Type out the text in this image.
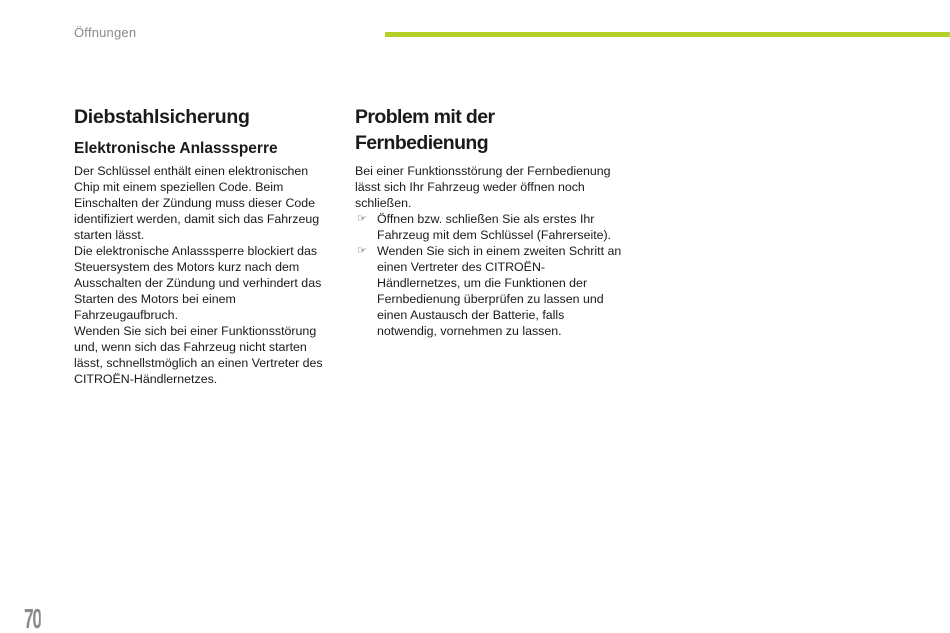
Öffnungen
Diebstahlsicherung
Elektronische Anlasssperre

Der Schlüssel enthält einen elektronischen Chip mit einem speziellen Code. Beim Einschalten der Zündung muss dieser Code identifiziert werden, damit sich das Fahrzeug starten lässt.

Die elektronische Anlasssperre blockiert das Steuersystem des Motors kurz nach dem Ausschalten der Zündung und verhindert das Starten des Motors bei einem Fahrzeugaufbruch.

Wenden Sie sich bei einer Funktionsstörung und, wenn sich das Fahrzeug nicht starten lässt, schnellstmöglich an einen Vertreter des CITROËN-Händlernetzes.

Problem mit der Fernbedienung

Bei einer Funktionsstörung der Fernbedienung lässt sich Ihr Fahrzeug weder öffnen noch schließen.

☞ Öffnen bzw. schließen Sie als erstes Ihr Fahrzeug mit dem Schlüssel (Fahrerseite).
☞ Wenden Sie sich in einem zweiten Schritt an einen Vertreter des CITROËN-Händlernetzes, um die Funktionen der Fernbedienung überprüfen zu lassen und einen Austausch der Batterie, falls notwendig, vornehmen zu lassen.
70
